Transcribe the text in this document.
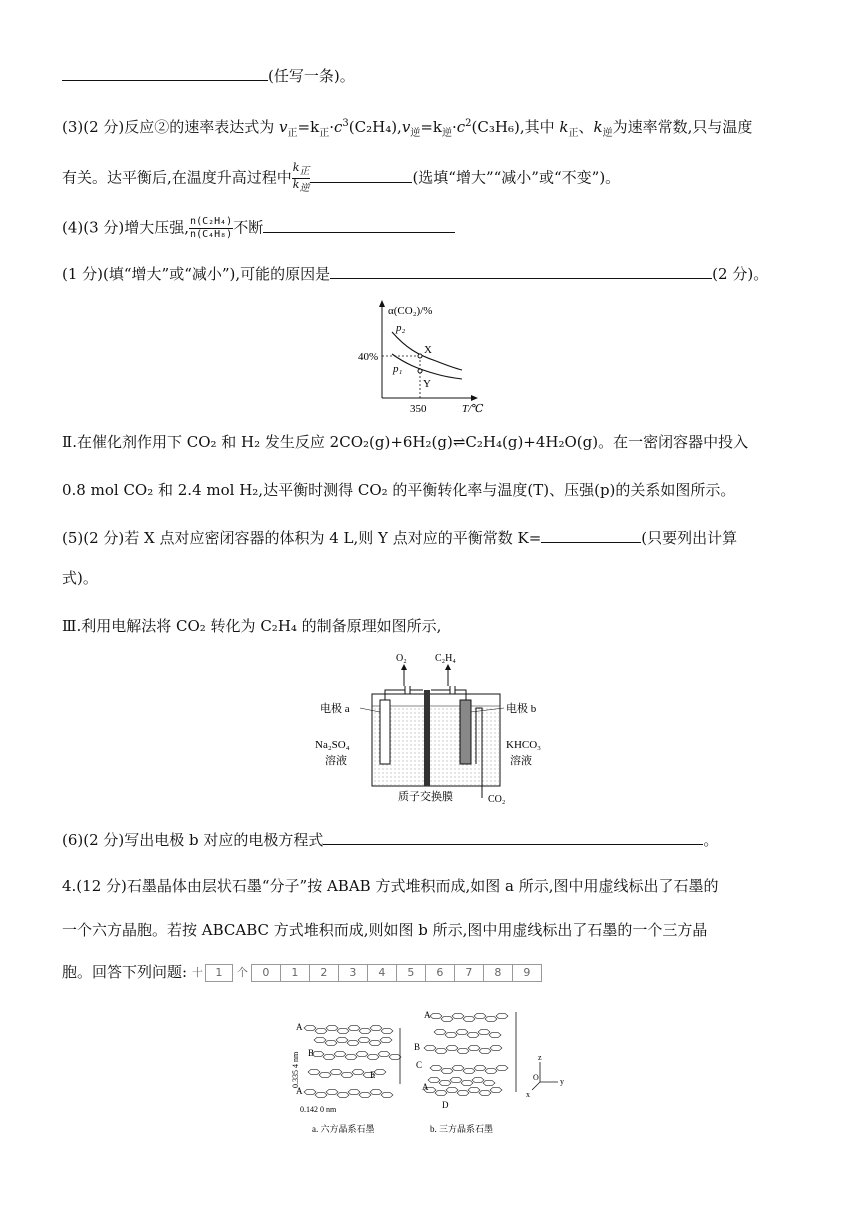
(任写一条)。
(3)(2 分)反应②的速率表达式为 $v_正=k_正\cdot c^3(C_2H_4),v_逆=k_逆\cdot c^2(C_3H_6)$,其中 $k_正$、$k_逆$为速率常数,只与温度
有关。达平衡后,在温度升高过程中 $\frac{k_正}{k_逆}$	(选填“增大”“减小”或“不变”)。
(4)(3 分)增大压强, $\frac{\text{n(C₂H₄)}}{\text{n(C₄H₈)}}$ 不断
(1 分)(填“增大”或“减小”),可能的原因是	(2 分)。
α(CO₂)/%
p₂
p₁
X
Y
40%
350	T/℃
Ⅱ.在催化剂作用下 CO₂ 和 H₂ 发生反应 2CO₂(g)+6H₂(g)⇌C₂H₄(g)+4H₂O(g)。在一密闭容器中投入
0.8 mol CO₂ 和 2.4 mol H₂,达平衡时测得 CO₂ 的平衡转化率与温度(T)、压强(p)的关系如图所示。
(5)(2 分)若 X 点对应密闭容器的体积为 4 L,则 Y 点对应的平衡常数 K=	(只要列出计算
式)。
Ⅲ.利用电解法将 CO₂ 转化为 C₂H₄ 的制备原理如图所示,
O₂	C₂H₄
电极 a	电极 b
Na₂SO₄
溶液
KHCO₃
溶液
质子交换膜	CO₂
(6)(2 分)写出电极 b 对应的电极方程式	。
4.(12 分)石墨晶体由层状石墨“分子”按 ABAB 方式堆积而成,如图 a 所示,图中用虚线标出了石墨的
一个六方晶胞。若按 ABCABC 方式堆积而成,则如图 b 所示,图中用虚线标出了石墨的一个三方晶
胞。回答下列问题: 十	1	个	0	1	2	3	4	5	6	7	8	9
A
B
A
E
0.335 4 nm
0.142 0 nm
A
B
C
A
D
z
O	y
x
a. 六方晶系石墨	b. 三方晶系石墨
